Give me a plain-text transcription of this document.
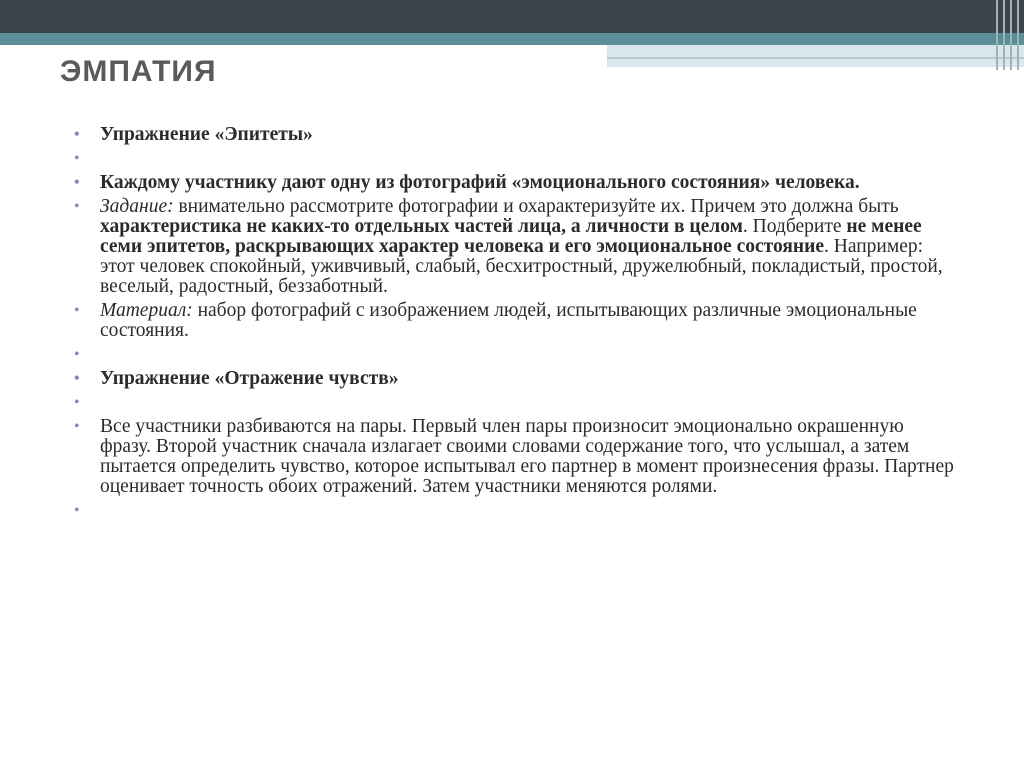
ЭМПАТИЯ
• Упражнение «Эпитеты»
•
• Каждому участнику дают одну из фотографий «эмоционального состояния» человека.
• Задание: внимательно рассмотрите фотографии и охарактеризуйте их. Причем это должна быть характеристика не каких-то отдельных частей лица, а личности в целом. Подберите не менее семи эпитетов, раскрывающих характер человека и его эмоциональное состояние. Например: этот человек спокойный, уживчивый, слабый, бесхитростный, дружелюбный, покладистый, простой, веселый, радостный, беззаботный.
• Материал: набор фотографий с изображением людей, испытывающих различные эмоциональные состояния.
•
• Упражнение «Отражение чувств»
•
• Все участники разбиваются на пары. Первый член пары произносит эмоционально окрашенную фразу. Второй участник сначала излагает своими словами содержание того, что услышал, а затем пытается определить чувство, которое испытывал его партнер в момент произнесения фразы. Партнер оценивает точность обоих отражений. Затем участники меняются ролями.
•
